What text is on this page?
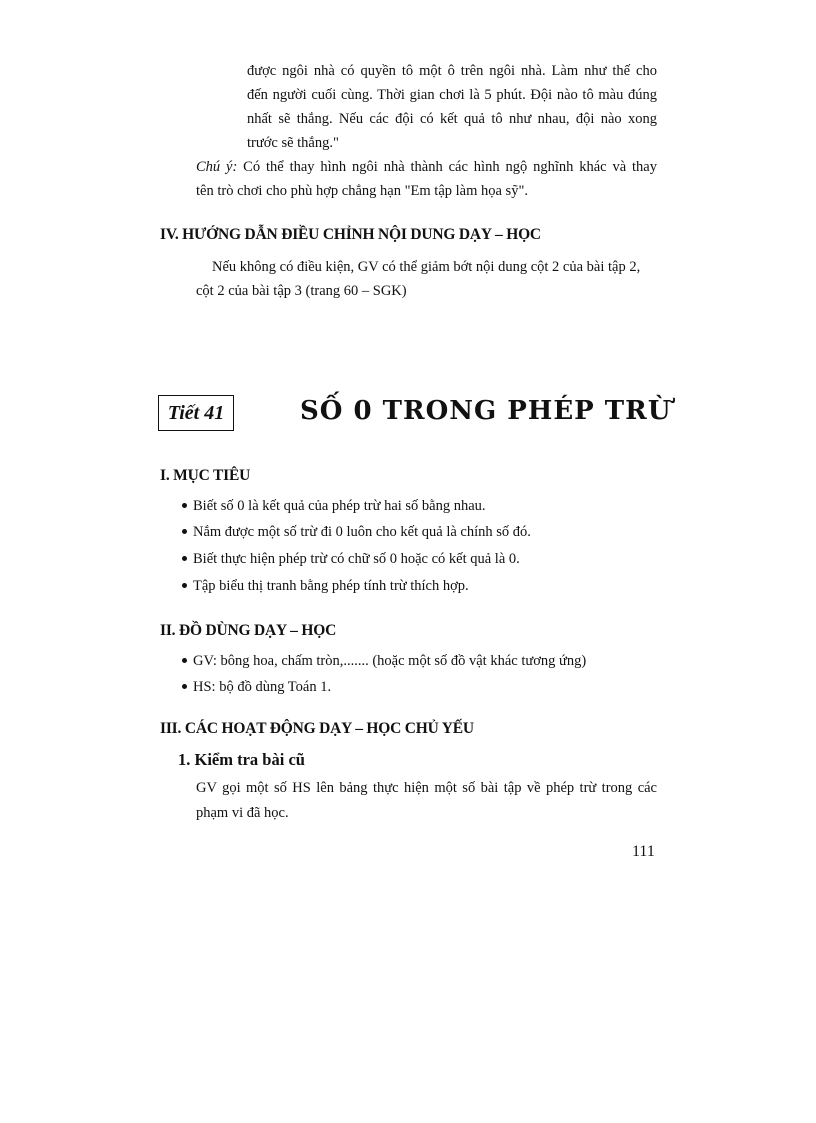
được ngôi nhà có quyền tô một ô trên ngôi nhà. Làm như thế cho
đến người cuối cùng. Thời gian chơi là 5 phút. Đội nào tô màu đúng
nhất sẽ thắng. Nếu các đội có kết quả tô như nhau, đội nào xong
trước sẽ thắng."
Chú ý: Có thể thay hình ngôi nhà thành các hình ngộ nghĩnh khác và thay
tên trò chơi cho phù hợp chẳng hạn "Em tập làm họa sỹ".
IV. HƯỚNG DẪN ĐIỀU CHỈNH NỘI DUNG DẠY – HỌC
Nếu không có điều kiện, GV có thể giảm bớt nội dung cột 2 của bài tập 2,
cột 2 của bài tập 3 (trang 60 – SGK)
Tiết 41	SỐ 0 TRONG PHÉP TRỪ
I. MỤC TIÊU
Biết số 0 là kết quả của phép trừ hai số bằng nhau.
Nắm được một số trừ đi 0 luôn cho kết quả là chính số đó.
Biết thực hiện phép trừ có chữ số 0 hoặc có kết quả là 0.
Tập biểu thị tranh bằng phép tính trừ thích hợp.
II. ĐỒ DÙNG DẠY – HỌC
GV: bông hoa, chấm tròn,....... (hoặc một số đồ vật khác tương ứng)
HS: bộ đồ dùng Toán 1.
III. CÁC HOẠT ĐỘNG DẠY – HỌC CHỦ YẾU
1. Kiểm tra bài cũ
GV gọi một số HS lên bảng thực hiện một số bài tập về phép trừ trong các
phạm vi đã học.
111
